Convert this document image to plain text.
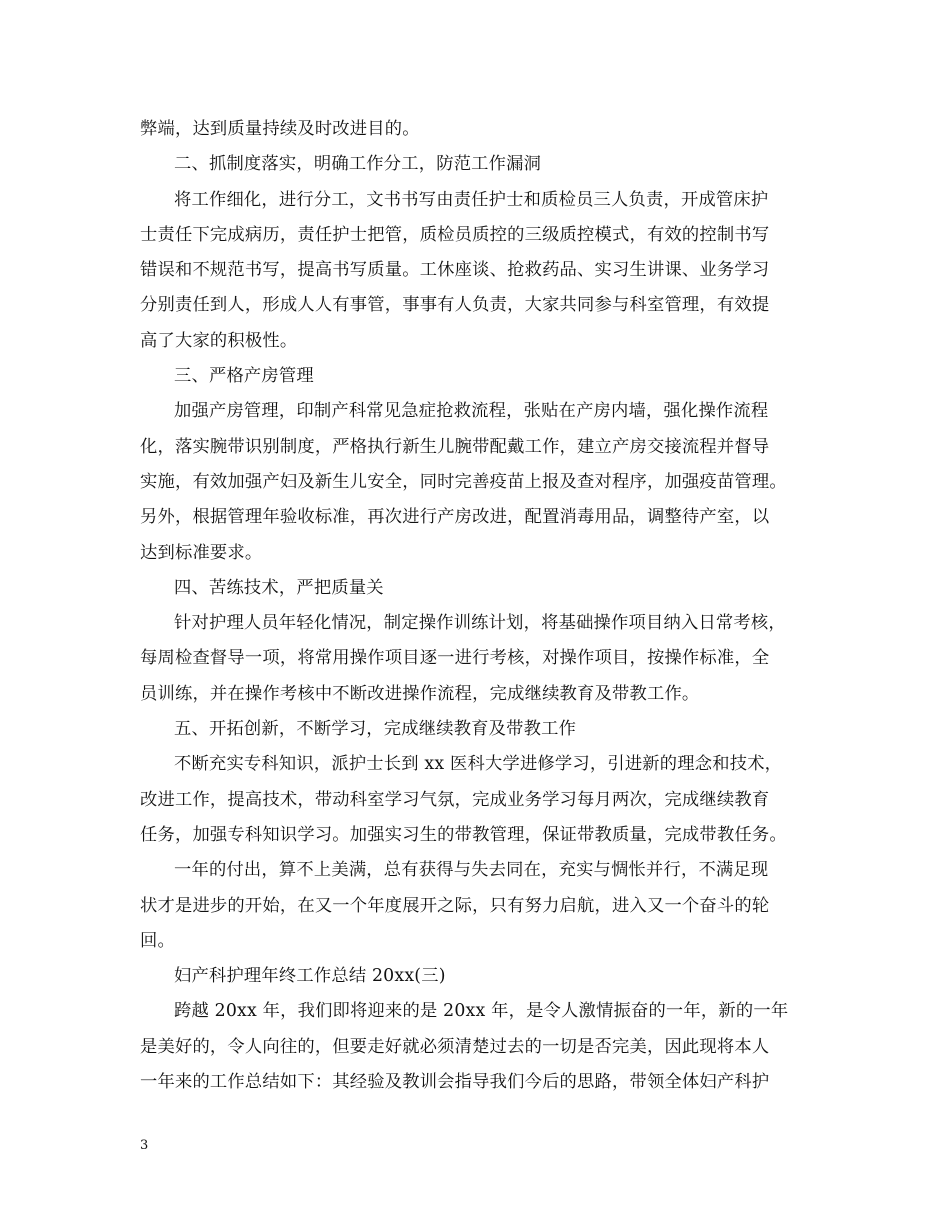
弊端，达到质量持续及时改进目的。
二、抓制度落实，明确工作分工，防范工作漏洞
将工作细化，进行分工，文书书写由责任护士和质检员三人负责，开成管床护
士责任下完成病历，责任护士把管，质检员质控的三级质控模式，有效的控制书写
错误和不规范书写，提高书写质量。工休座谈、抢救药品、实习生讲课、业务学习
分别责任到人，形成人人有事管，事事有人负责，大家共同参与科室管理，有效提
高了大家的积极性。
三、严格产房管理
加强产房管理，印制产科常见急症抢救流程，张贴在产房内墙，强化操作流程
化，落实腕带识别制度，严格执行新生儿腕带配戴工作，建立产房交接流程并督导
实施，有效加强产妇及新生儿安全，同时完善疫苗上报及查对程序，加强疫苗管理。
另外，根据管理年验收标准，再次进行产房改进，配置消毒用品，调整待产室，以
达到标准要求。
四、苦练技术，严把质量关
针对护理人员年轻化情况，制定操作训练计划，将基础操作项目纳入日常考核，
每周检查督导一项，将常用操作项目逐一进行考核，对操作项目，按操作标准，全
员训练，并在操作考核中不断改进操作流程，完成继续教育及带教工作。
五、开拓创新，不断学习，完成继续教育及带教工作
不断充实专科知识，派护士长到 xx 医科大学进修学习，引进新的理念和技术，
改进工作，提高技术，带动科室学习气氛，完成业务学习每月两次，完成继续教育
任务，加强专科知识学习。加强实习生的带教管理，保证带教质量，完成带教任务。
一年的付出，算不上美满，总有获得与失去同在，充实与惆怅并行，不满足现
状才是进步的开始，在又一个年度展开之际，只有努力启航，进入又一个奋斗的轮
回。
妇产科护理年终工作总结 20xx(三)
跨越 20xx 年，我们即将迎来的是 20xx 年，是令人激情振奋的一年，新的一年
是美好的，令人向往的，但要走好就必须清楚过去的一切是否完美，因此现将本人
一年来的工作总结如下：其经验及教训会指导我们今后的思路，带领全体妇产科护
3
